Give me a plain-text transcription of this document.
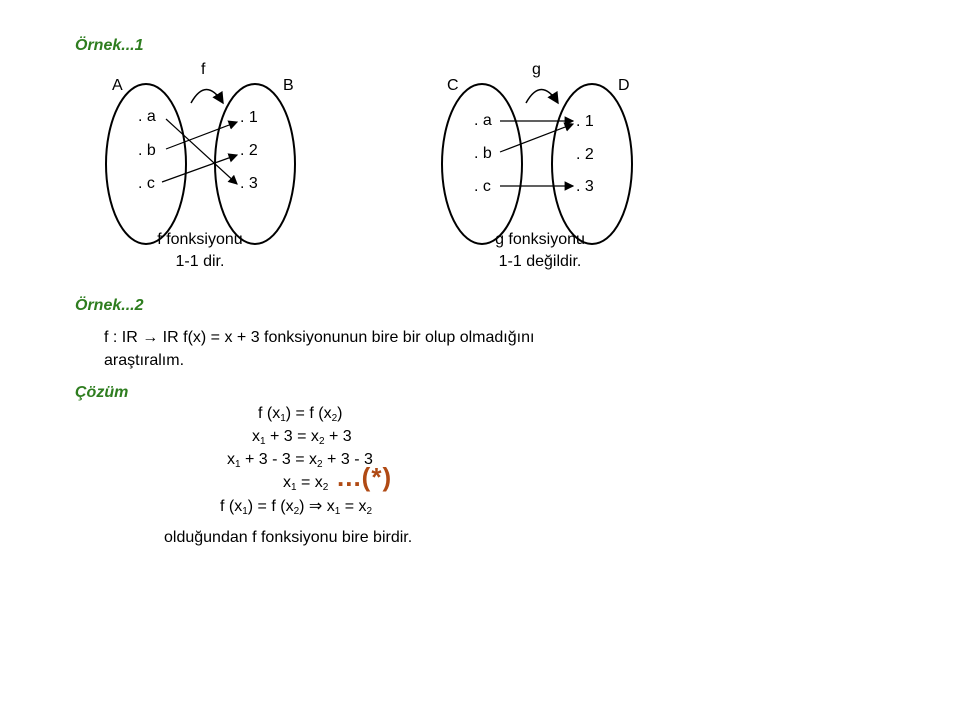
Örnek...1
Örnek...2
Çözüm
f
A	B
. a
. b
. c
. 1
. 2
. 3
f fonksiyonu
1-1 dir.
g
C	D
. a
. b
. c
. 1
. 2
. 3
g fonksiyonu
1-1 değildir.
f : IR → IR f(x) = x + 3 fonksiyonunun bire bir olup olmadığını
araştıralım.
f $(x_1) = f$ $(x_2)$
$x_1 + 3 = x_2 + 3$
$x_1 + 3 - 3 = x_2 + 3 - 3$
$x_1 = x_2$ ...(*)
f $(x_1) = f$ $(x_2)$ ⇒ $x_1 = x_2$
olduğundan f fonksiyonu bire birdir.
